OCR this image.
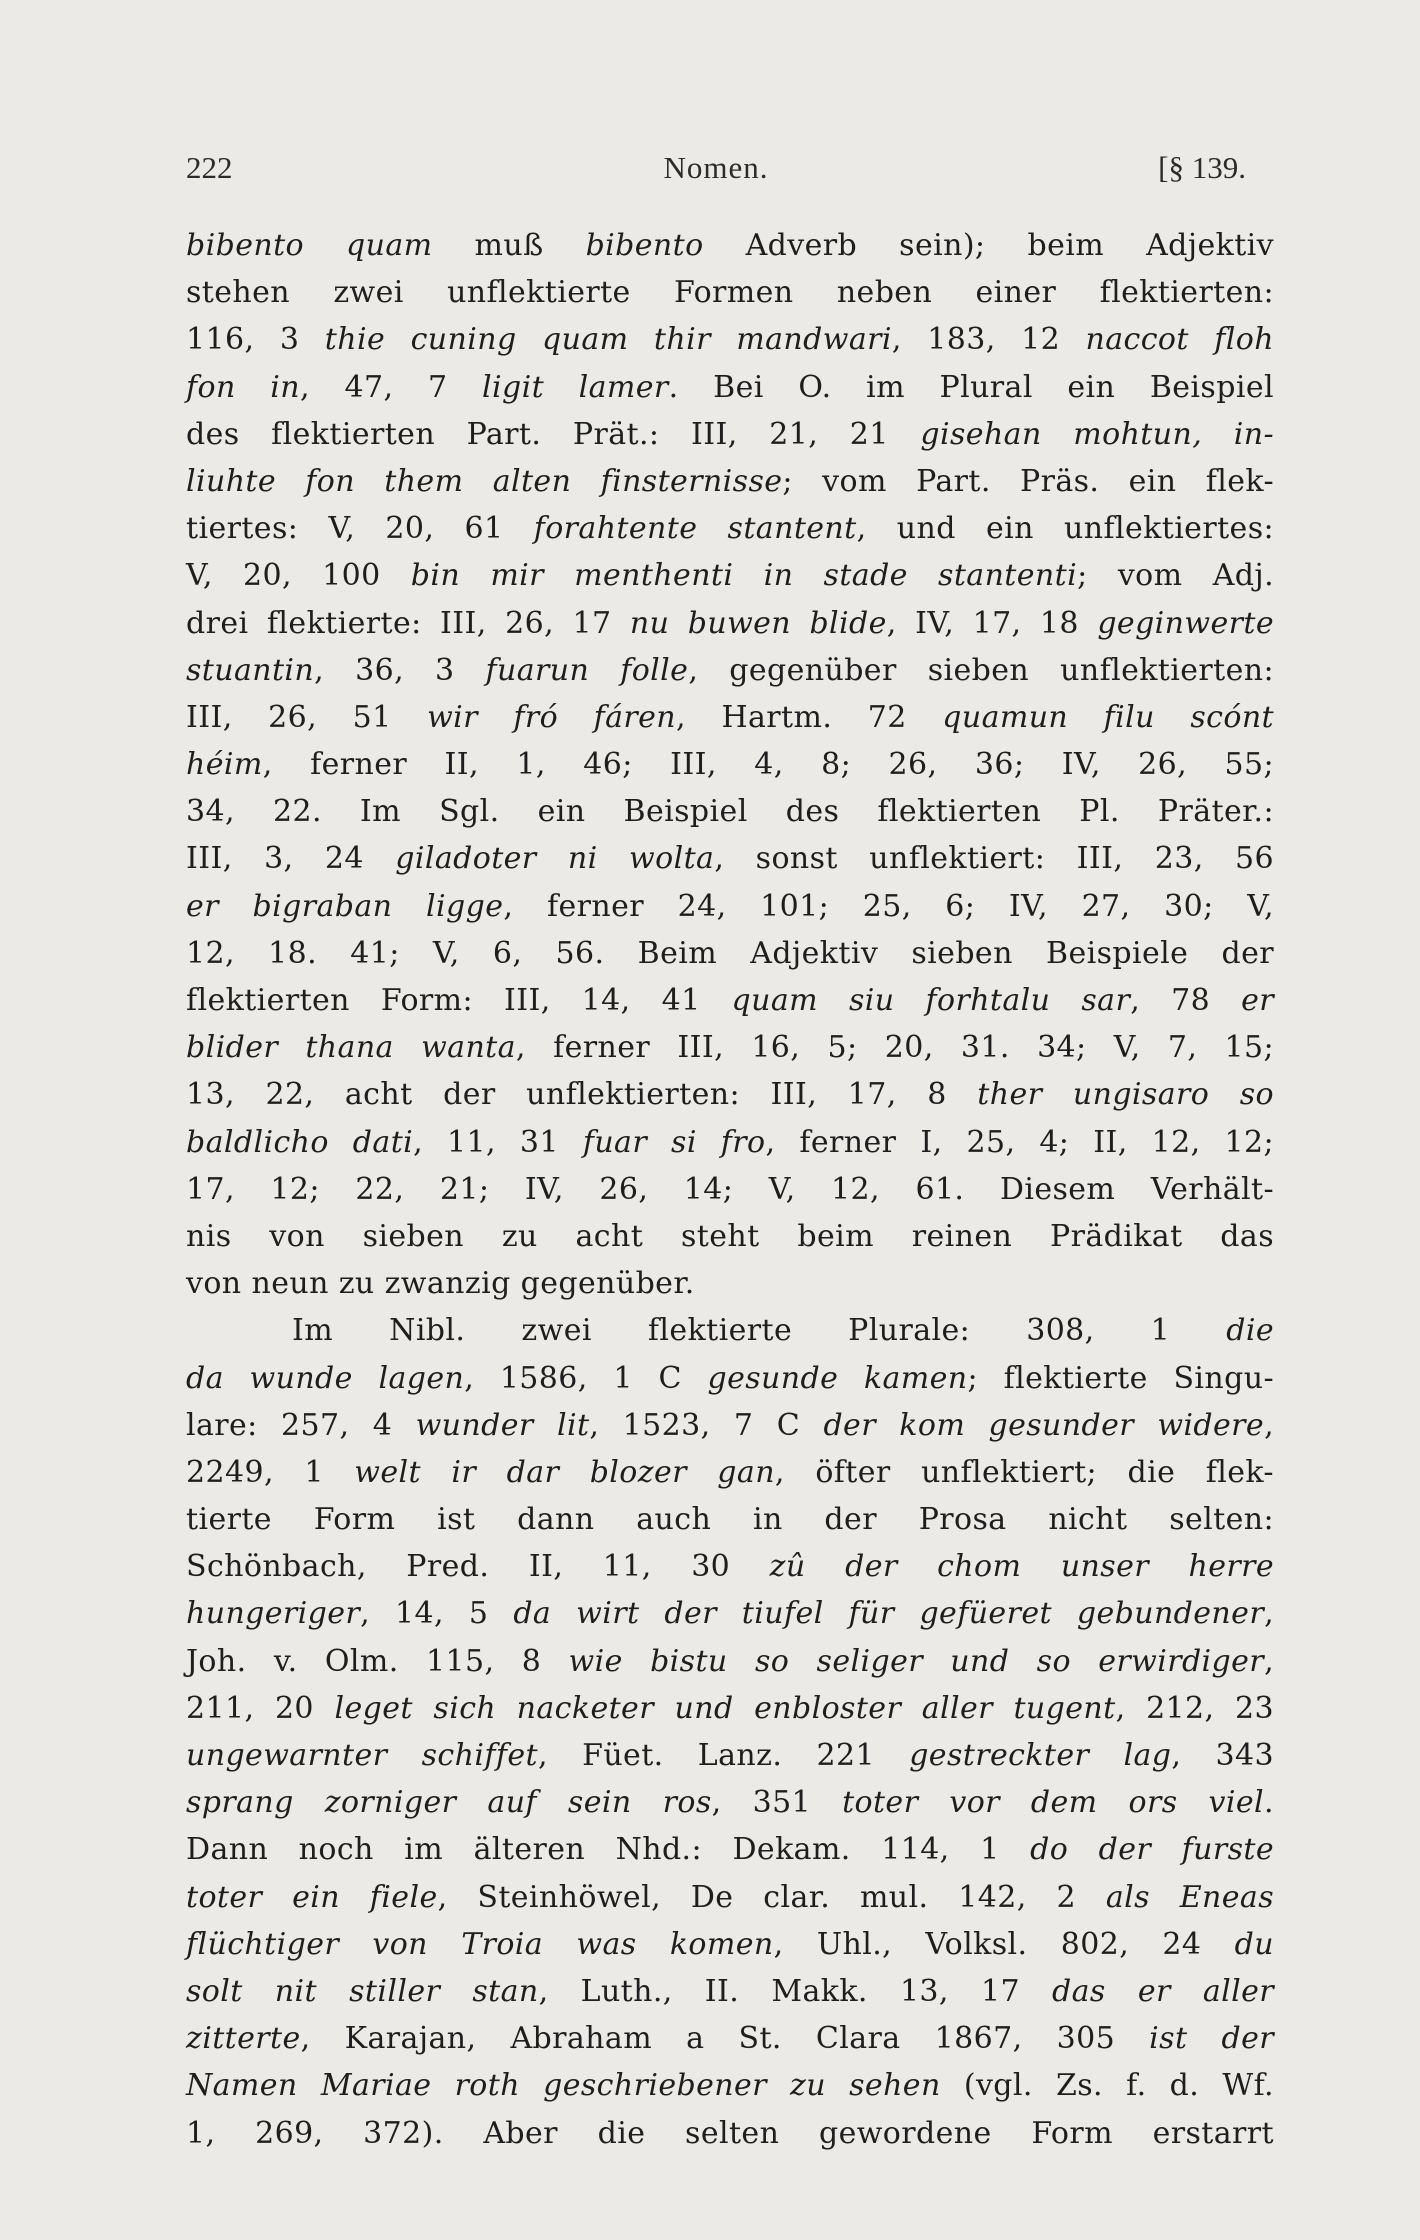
222	Nomen.	[§ 139.
bibento quam muß bibento Adverb sein); beim Adjektiv
stehen zwei unflektierte Formen neben einer flektierten:
116, 3 thie cuning quam thir mandwari, 183, 12 naccot floh
fon in, 47, 7 ligit lamer. Bei O. im Plural ein Beispiel
des flektierten Part. Prät.: III, 21, 21 gisehan mohtun, in-
liuhte fon them alten finsternisse; vom Part. Präs. ein flek-
tiertes: V, 20, 61 forahtente stantent, und ein unflektiertes:
V, 20, 100 bin mir menthenti in stade stantenti; vom Adj.
drei flektierte: III, 26, 17 nu buwen blide, IV, 17, 18 geginwerte
stuantin, 36, 3 fuarun folle, gegenüber sieben unflektierten:
III, 26, 51 wir fró fáren, Hartm. 72 quamun filu scónt
héim, ferner II, 1, 46; III, 4, 8; 26, 36; IV, 26, 55;
34, 22. Im Sgl. ein Beispiel des flektierten Pl. Präter.:
III, 3, 24 giladoter ni wolta, sonst unflektiert: III, 23, 56
er bigraban ligge, ferner 24, 101; 25, 6; IV, 27, 30; V,
12, 18. 41; V, 6, 56. Beim Adjektiv sieben Beispiele der
flektierten Form: III, 14, 41 quam siu forhtalu sar, 78 er
blider thana wanta, ferner III, 16, 5; 20, 31. 34; V, 7, 15;
13, 22, acht der unflektierten: III, 17, 8 ther ungisaro so
baldlicho dati, 11, 31 fuar si fro, ferner I, 25, 4; II, 12, 12;
17, 12; 22, 21; IV, 26, 14; V, 12, 61. Diesem Verhält-
nis von sieben zu acht steht beim reinen Prädikat das
von neun zu zwanzig gegenüber.
Im Nibl. zwei flektierte Plurale: 308, 1 die
da wunde lagen, 1586, 1 C gesunde kamen; flektierte Singu-
lare: 257, 4 wunder lit, 1523, 7 C der kom gesunder widere,
2249, 1 welt ir dar blozer gan, öfter unflektiert; die flek-
tierte Form ist dann auch in der Prosa nicht selten:
Schönbach, Pred. II, 11, 30 zû der chom unser herre
hungeriger, 14, 5 da wirt der tiufel für gefüeret gebundener,
Joh. v. Olm. 115, 8 wie bistu so seliger und so erwirdiger,
211, 20 leget sich nacketer und enbloster aller tugent, 212, 23
ungewarnter schiffet, Füet. Lanz. 221 gestreckter lag, 343
sprang zorniger auf sein ros, 351 toter vor dem ors viel.
Dann noch im älteren Nhd.: Dekam. 114, 1 do der furste
toter ein fiele, Steinhöwel, De clar. mul. 142, 2 als Eneas
flüchtiger von Troia was komen, Uhl., Volksl. 802, 24 du
solt nit stiller stan, Luth., II. Makk. 13, 17 das er aller
zitterte, Karajan, Abraham a St. Clara 1867, 305 ist der
Namen Mariae roth geschriebener zu sehen (vgl. Zs. f. d. Wf.
1, 269, 372). Aber die selten gewordene Form erstarrt
